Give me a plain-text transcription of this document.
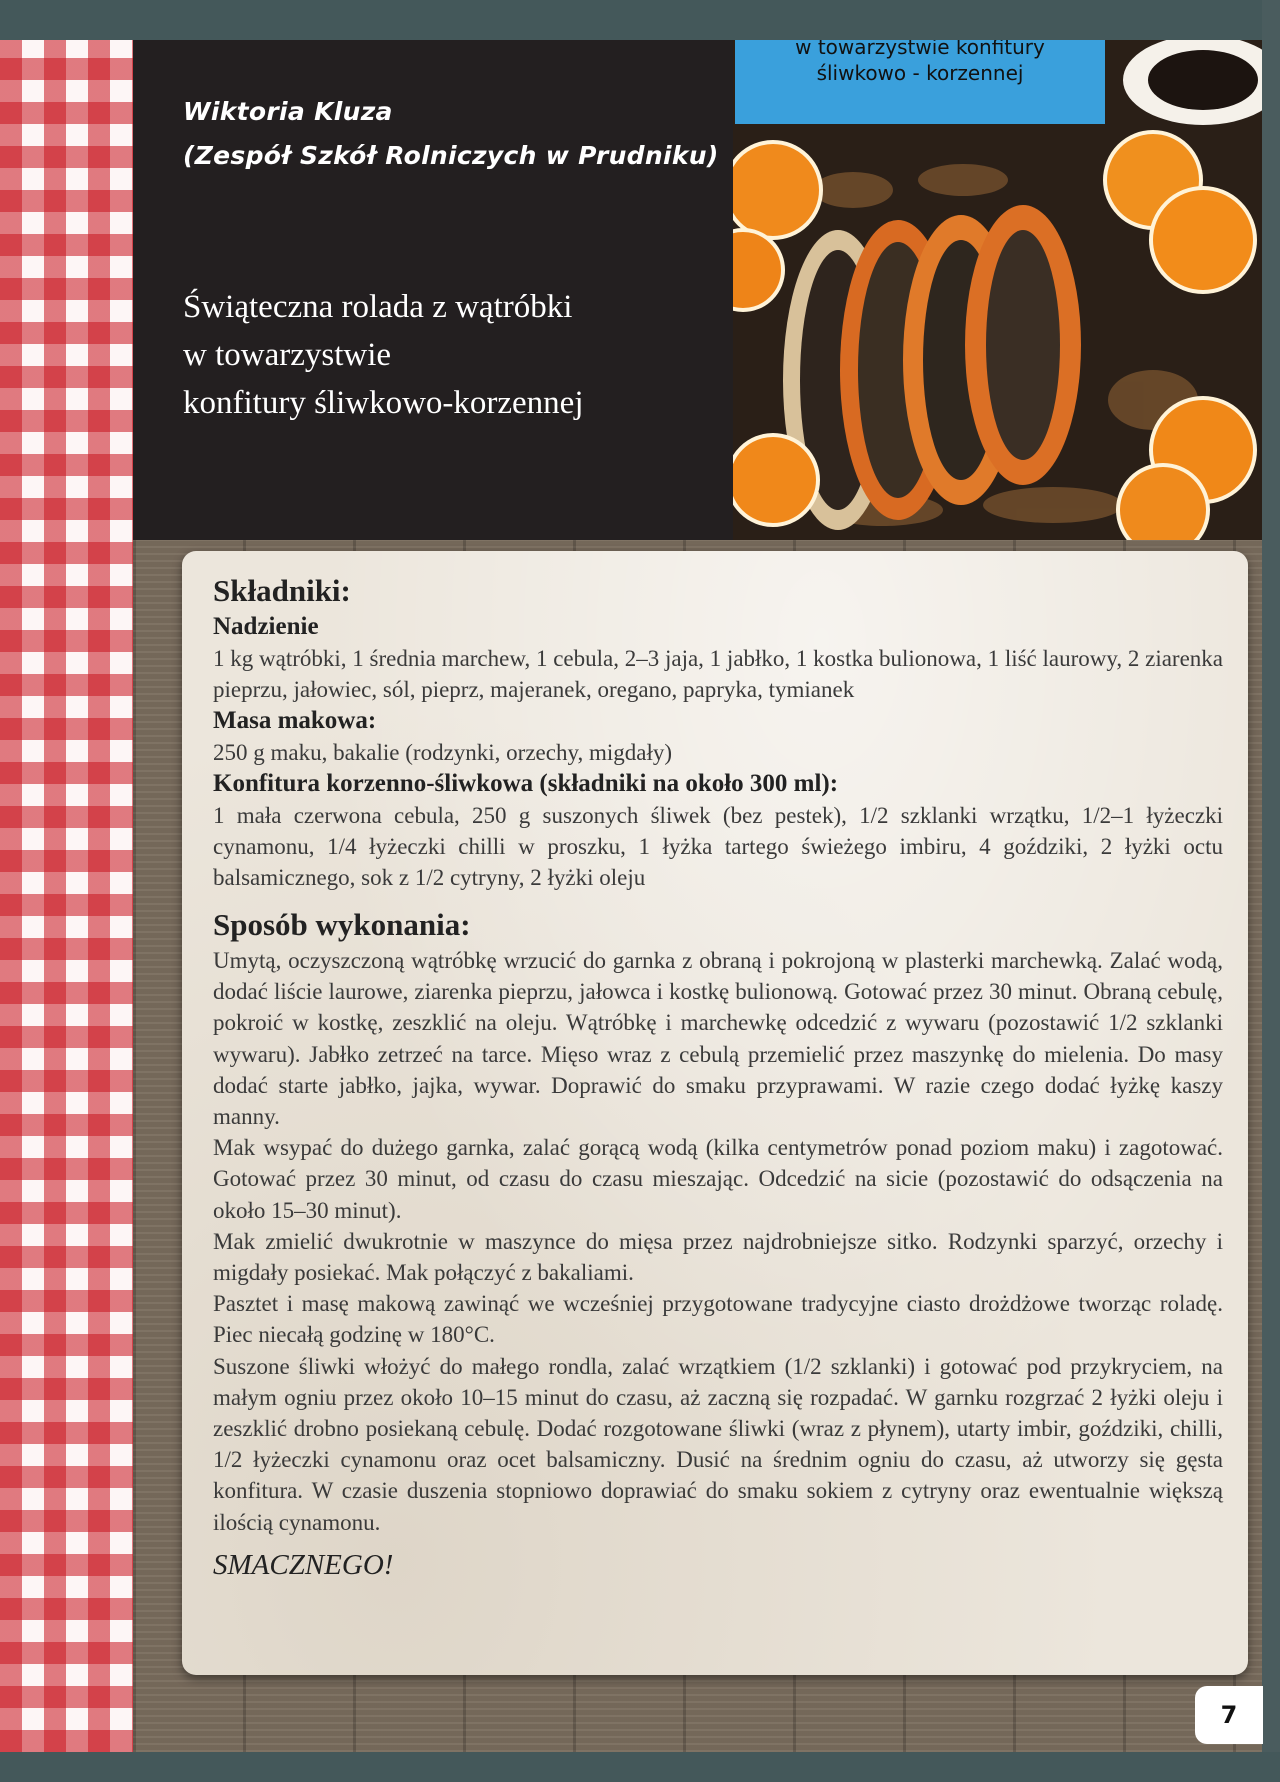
Wiktoria Kluza
(Zespół Szkół Rolniczych w Prudniku)
Świąteczna rolada z wątróbki
w towarzystwie
konfitury śliwkowo-korzennej
w towarzystwie konfitury
śliwkowo - korzennej
Składniki:
Nadzienie
1 kg wątróbki, 1 średnia marchew, 1 cebula, 2–3 jaja, 1 jabłko, 1 kostka bulionowa, 1 liść laurowy, 2 ziarenka pieprzu, jałowiec, sól, pieprz, majeranek, oregano, papryka, tymianek
Masa makowa:
250 g maku, bakalie (rodzynki, orzechy, migdały)
Konfitura korzenno-śliwkowa (składniki na około 300 ml):
1 mała czerwona cebula, 250 g suszonych śliwek (bez pestek), 1/2 szklanki wrzątku, 1/2–1 łyżeczki cynamonu, 1/4 łyżeczki chilli w proszku, 1 łyżka tartego świeżego imbiru, 4 goździki, 2 łyżki octu balsamicznego, sok z 1/2 cytryny, 2 łyżki oleju
Sposób wykonania:
Umytą, oczyszczoną wątróbkę wrzucić do garnka z obraną i pokrojoną w plasterki marchewką. Zalać wodą, dodać liście laurowe, ziarenka pieprzu, jałowca i kostkę bulionową. Gotować przez 30 minut. Obraną cebulę, pokroić w kostkę, zeszklić na oleju. Wątróbkę i marchewkę odcedzić z wywaru (pozostawić 1/2 szklanki wywaru). Jabłko zetrzeć na tarce. Mięso wraz z cebulą przemielić przez maszynkę do mielenia. Do masy dodać starte jabłko, jajka, wywar. Doprawić do smaku przyprawami. W razie czego dodać łyżkę kaszy manny.
Mak wsypać do dużego garnka, zalać gorącą wodą (kilka centymetrów ponad poziom maku) i zagotować. Gotować przez 30 minut, od czasu do czasu mieszając. Odcedzić na sicie (pozostawić do odsączenia na około 15–30 minut).
Mak zmielić dwukrotnie w maszynce do mięsa przez najdrobniejsze sitko. Rodzynki sparzyć, orzechy i migdały posiekać. Mak połączyć z bakaliami.
Pasztet i masę makową zawinąć we wcześniej przygotowane tradycyjne ciasto drożdżowe tworząc roladę. Piec niecałą godzinę w 180°C.
Suszone śliwki włożyć do małego rondla, zalać wrzątkiem (1/2 szklanki) i gotować pod przykryciem, na małym ogniu przez około 10–15 minut do czasu, aż zaczną się rozpadać. W garnku rozgrzać 2 łyżki oleju i zeszklić drobno posiekaną cebulę. Dodać rozgotowane śliwki (wraz z płynem), utarty imbir, goździki, chilli, 1/2 łyżeczki cynamonu oraz ocet balsamiczny. Dusić na średnim ogniu do czasu, aż utworzy się gęsta konfitura. W czasie duszenia stopniowo doprawiać do smaku sokiem z cytryny oraz ewentualnie większą ilością cynamonu.
SMACZNEGO!
7
